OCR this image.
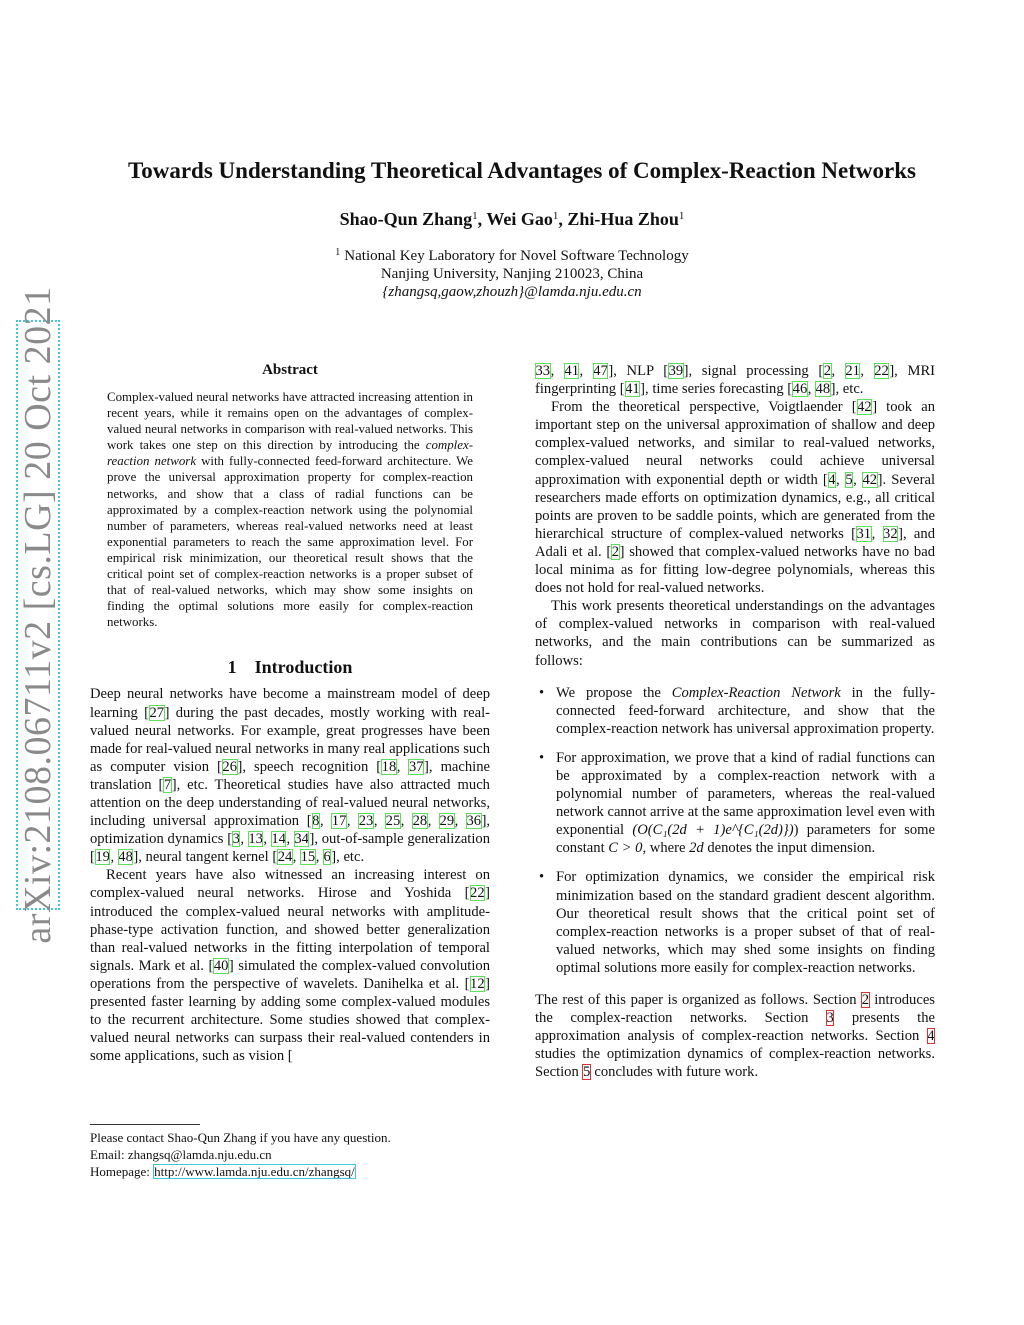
arXiv:2108.06711v2 [cs.LG] 20 Oct 2021
Towards Understanding Theoretical Advantages of Complex-Reaction Networks
Shao-Qun Zhang$^1$, Wei Gao$^1$, Zhi-Hua Zhou$^1$
$^1$ National Key Laboratory for Novel Software Technology
Nanjing University, Nanjing 210023, China
{zhangsq,gaow,zhouzh}@lamda.nju.edu.cn
Abstract

Complex-valued neural networks have attracted increasing attention in recent years, while it remains open on the advantages of complex-valued neural networks in comparison with real-valued networks. This work takes one step on this direction by introducing the complex-reaction network with fully-connected feed-forward architecture. We prove the universal approximation property for complex-reaction networks, and show that a class of radial functions can be approximated by a complex-reaction network using the polynomial number of parameters, whereas real-valued networks need at least exponential parameters to reach the same approximation level. For empirical risk minimization, our theoretical result shows that the critical point set of complex-reaction networks is a proper subset of that of real-valued networks, which may show some insights on finding the optimal solutions more easily for complex-reaction networks.

1 Introduction

Deep neural networks have become a mainstream model of deep learning [27] during the past decades, mostly working with real-valued neural networks. For example, great progresses have been made for real-valued neural networks in many real applications such as computer vision [26], speech recognition [18, 37], machine translation [7], etc. Theoretical studies have also attracted much attention on the deep understanding of real-valued neural networks, including universal approximation [8, 17, 23, 25, 28, 29, 36], optimization dynamics [3, 13, 14, 34], out-of-sample generalization [19, 48], neural tangent kernel [24, 15, 6], etc.

Recent years have also witnessed an increasing interest on complex-valued neural networks. Hirose and Yoshida [22] introduced the complex-valued neural networks with amplitude-phase-type activation function, and showed better generalization than real-valued networks in the fitting interpolation of temporal signals. Mark et al. [40] simulated the complex-valued convolution operations from the perspective of wavelets. Danihelka et al. [12] presented faster learning by adding some complex-valued modules to the recurrent architecture. Some studies showed that complex-valued neural networks can surpass their real-valued contenders in some applications, such as vision [

33, 41, 47], NLP [39], signal processing [2, 21, 22], MRI fingerprinting [41], time series forecasting [46, 48], etc.

From the theoretical perspective, Voigtlaender [42] took an important step on the universal approximation of shallow and deep complex-valued networks, and similar to real-valued networks, complex-valued neural networks could achieve universal approximation with exponential depth or width [4, 5, 42]. Several researchers made efforts on optimization dynamics, e.g., all critical points are proven to be saddle points, which are generated from the hierarchical structure of complex-valued networks [31, 32], and Adali et al. [2] showed that complex-valued networks have no bad local minima as for fitting low-degree polynomials, whereas this does not hold for real-valued networks.

This work presents theoretical understandings on the advantages of complex-valued networks in comparison with real-valued networks, and the main contributions can be summarized as follows:

• We propose the Complex-Reaction Network in the fully-connected feed-forward architecture, and show that the complex-reaction network has universal approximation property.
• For approximation, we prove that a kind of radial functions can be approximated by a complex-reaction network with a polynomial number of parameters, whereas the real-valued network cannot arrive at the same approximation level even with exponential (O(C₁(2d + 1)e^{C₁(2d)})) parameters for some constant C > 0, where 2d denotes the input dimension.
• For optimization dynamics, we consider the empirical risk minimization based on the standard gradient descent algorithm. Our theoretical result shows that the critical point set of complex-reaction networks is a proper subset of that of real-valued networks, which may shed some insights on finding optimal solutions more easily for complex-reaction networks.

The rest of this paper is organized as follows. Section 2 introduces the complex-reaction networks. Section 3 presents the approximation analysis of complex-reaction networks. Section 4 studies the optimization dynamics of complex-reaction networks. Section 5 concludes with future work.

Please contact Shao-Qun Zhang if you have any question.
Email: zhangsq@lamda.nju.edu.cn
Homepage: http://www.lamda.nju.edu.cn/zhangsq/
